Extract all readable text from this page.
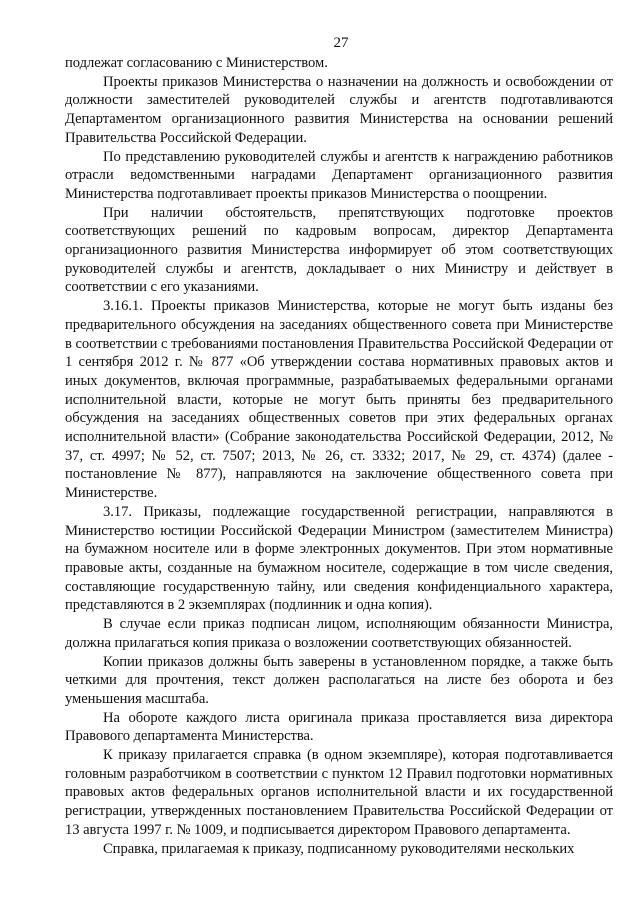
27

подлежат согласованию с Министерством.

Проекты приказов Министерства о назначении на должность и освобождении от должности заместителей руководителей службы и агентств подготавливаются Департаментом организационного развития Министерства на основании решений Правительства Российской Федерации.

По представлению руководителей службы и агентств к награждению работников отрасли ведомственными наградами Департамент организационного развития Министерства подготавливает проекты приказов Министерства о поощрении.

При наличии обстоятельств, препятствующих подготовке проектов соответствующих решений по кадровым вопросам, директор Департамента организационного развития Министерства информирует об этом соответствующих руководителей службы и агентств, докладывает о них Министру и действует в соответствии с его указаниями.

3.16.1. Проекты приказов Министерства, которые не могут быть изданы без предварительного обсуждения на заседаниях общественного совета при Министерстве в соответствии с требованиями постановления Правительства Российской Федерации от 1 сентября 2012 г. № 877 «Об утверждении состава нормативных правовых актов и иных документов, включая программные, разрабатываемых федеральными органами исполнительной власти, которые не могут быть приняты без предварительного обсуждения на заседаниях общественных советов при этих федеральных органах исполнительной власти» (Собрание законодательства Российской Федерации, 2012, № 37, ст. 4997; № 52, ст. 7507; 2013, № 26, ст. 3332; 2017, № 29, ст. 4374) (далее - постановление № 877), направляются на заключение общественного совета при Министерстве.

3.17. Приказы, подлежащие государственной регистрации, направляются в Министерство юстиции Российской Федерации Министром (заместителем Министра) на бумажном носителе или в форме электронных документов. При этом нормативные правовые акты, созданные на бумажном носителе, содержащие в том числе сведения, составляющие государственную тайну, или сведения конфиденциального характера, представляются в 2 экземплярах (подлинник и одна копия).

В случае если приказ подписан лицом, исполняющим обязанности Министра, должна прилагаться копия приказа о возложении соответствующих обязанностей.

Копии приказов должны быть заверены в установленном порядке, а также быть четкими для прочтения, текст должен располагаться на листе без оборота и без уменьшения масштаба.

На обороте каждого листа оригинала приказа проставляется виза директора Правового департамента Министерства.

К приказу прилагается справка (в одном экземпляре), которая подготавливается головным разработчиком в соответствии с пунктом 12 Правил подготовки нормативных правовых актов федеральных органов исполнительной власти и их государственной регистрации, утвержденных постановлением Правительства Российской Федерации от 13 августа 1997 г. № 1009, и подписывается директором Правового департамента.

Справка, прилагаемая к приказу, подписанному руководителями нескольких
